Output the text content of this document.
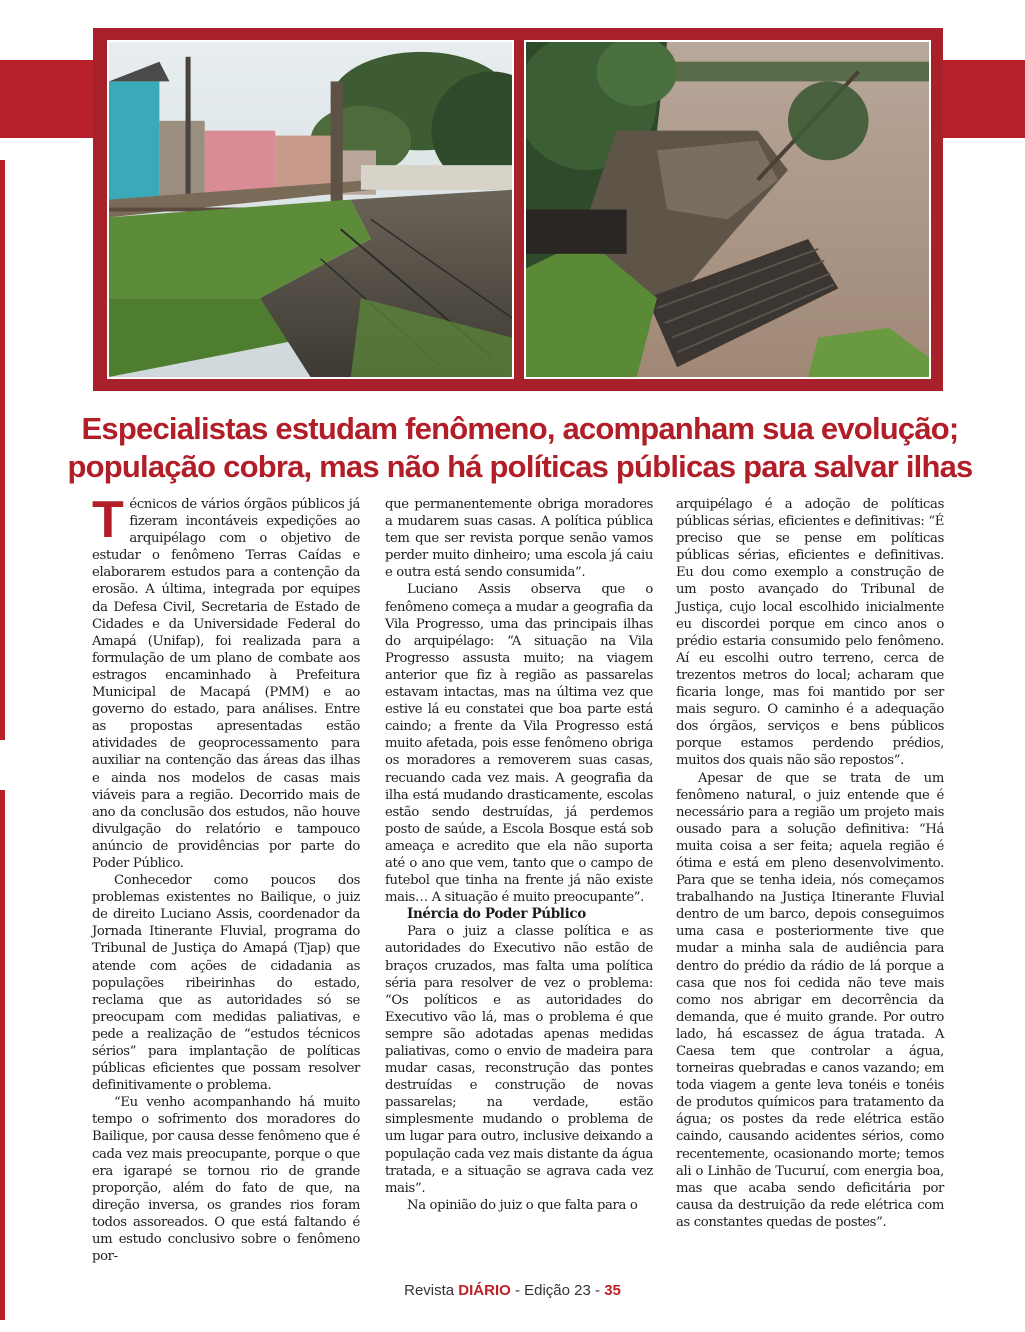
Especialistas estudam fenômeno, acompanham sua evolução;
população cobra, mas não há políticas públicas para salvar ilhas

Técnicos de vários órgãos públicos já fizeram incontáveis expedições ao arquipélago com o objetivo de estudar o fenômeno Terras Caídas e elaborarem estudos para a contenção da erosão. A última, integrada por equipes da Defesa Civil, Secretaria de Estado de Cidades e da Universidade Federal do Amapá (Unifap), foi realizada para a formulação de um plano de combate aos estragos encaminhado à Prefeitura Municipal de Macapá (PMM) e ao governo do estado, para análises. Entre as propostas apresentadas estão atividades de geoprocessamento para auxiliar na contenção das áreas das ilhas e ainda nos modelos de casas mais viáveis para a região. Decorrido mais de ano da conclusão dos estudos, não houve divulgação do relatório e tampouco anúncio de providências por parte do Poder Público.

Conhecedor como poucos dos problemas existentes no Bailique, o juiz de direito Luciano Assis, coordenador da Jornada Itinerante Fluvial, programa do Tribunal de Justiça do Amapá (Tjap) que atende com ações de cidadania as populações ribeirinhas do estado, reclama que as autoridades só se preocupam com medidas paliativas, e pede a realização de “estudos técnicos sérios” para implantação de políticas públicas eficientes que possam resolver definitivamente o problema.

“Eu venho acompanhando há muito tempo o sofrimento dos moradores do Bailique, por causa desse fenômeno que é cada vez mais preocupante, porque o que era igarapé se tornou rio de grande proporção, além do fato de que, na direção inversa, os grandes rios foram todos assoreados. O que está faltando é um estudo conclusivo sobre o fenômeno por-

que permanentemente obriga moradores a mudarem suas casas. A política pública tem que ser revista porque senão vamos perder muito dinheiro; uma escola já caiu e outra está sendo consumida”.

Luciano Assis observa que o fenômeno começa a mudar a geografia da Vila Progresso, uma das principais ilhas do arquipélago: “A situação na Vila Progresso assusta muito; na viagem anterior que fiz à região as passarelas estavam intactas, mas na última vez que estive lá eu constatei que boa parte está caindo; a frente da Vila Progresso está muito afetada, pois esse fenômeno obriga os moradores a removerem suas casas, recuando cada vez mais. A geografia da ilha está mudando drasticamente, escolas estão sendo destruídas, já perdemos posto de saúde, a Escola Bosque está sob ameaça e acredito que ela não suporta até o ano que vem, tanto que o campo de futebol que tinha na frente já não existe mais… A situação é muito preocupante”.

Inércia do Poder Público

Para o juiz a classe política e as autoridades do Executivo não estão de braços cruzados, mas falta uma política séria para resolver de vez o problema: “Os políticos e as autoridades do Executivo vão lá, mas o problema é que sempre são adotadas apenas medidas paliativas, como o envio de madeira para mudar casas, reconstrução das pontes destruídas e construção de novas passarelas; na verdade, estão simplesmente mudando o problema de um lugar para outro, inclusive deixando a população cada vez mais distante da água tratada, e a situação se agrava cada vez mais”.

Na opinião do juiz o que falta para o

arquipélago é a adoção de políticas públicas sérias, eficientes e definitivas: “É preciso que se pense em políticas públicas sérias, eficientes e definitivas. Eu dou como exemplo a construção de um posto avançado do Tribunal de Justiça, cujo local escolhido inicialmente eu discordei porque em cinco anos o prédio estaria consumido pelo fenômeno. Aí eu escolhi outro terreno, cerca de trezentos metros do local; acharam que ficaria longe, mas foi mantido por ser mais seguro. O caminho é a adequação dos órgãos, serviços e bens públicos porque estamos perdendo prédios, muitos dos quais não são repostos”.

Apesar de que se trata de um fenômeno natural, o juiz entende que é necessário para a região um projeto mais ousado para a solução definitiva: “Há muita coisa a ser feita; aquela região é ótima e está em pleno desenvolvimento. Para que se tenha ideia, nós começamos trabalhando na Justiça Itinerante Fluvial dentro de um barco, depois conseguimos uma casa e posteriormente tive que mudar a minha sala de audiência para dentro do prédio da rádio de lá porque a casa que nos foi cedida não teve mais como nos abrigar em decorrência da demanda, que é muito grande. Por outro lado, há escassez de água tratada. A Caesa tem que controlar a água, torneiras quebradas e canos vazando; em toda viagem a gente leva tonéis e tonéis de produtos químicos para tratamento da água; os postes da rede elétrica estão caindo, causando acidentes sérios, como recentemente, ocasionando morte; temos ali o Linhão de Tucuruí, com energia boa, mas que acaba sendo deficitária por causa da destruição da rede elétrica com as constantes quedas de postes”.

Revista DIÁRIO - Edição 23 - 35
